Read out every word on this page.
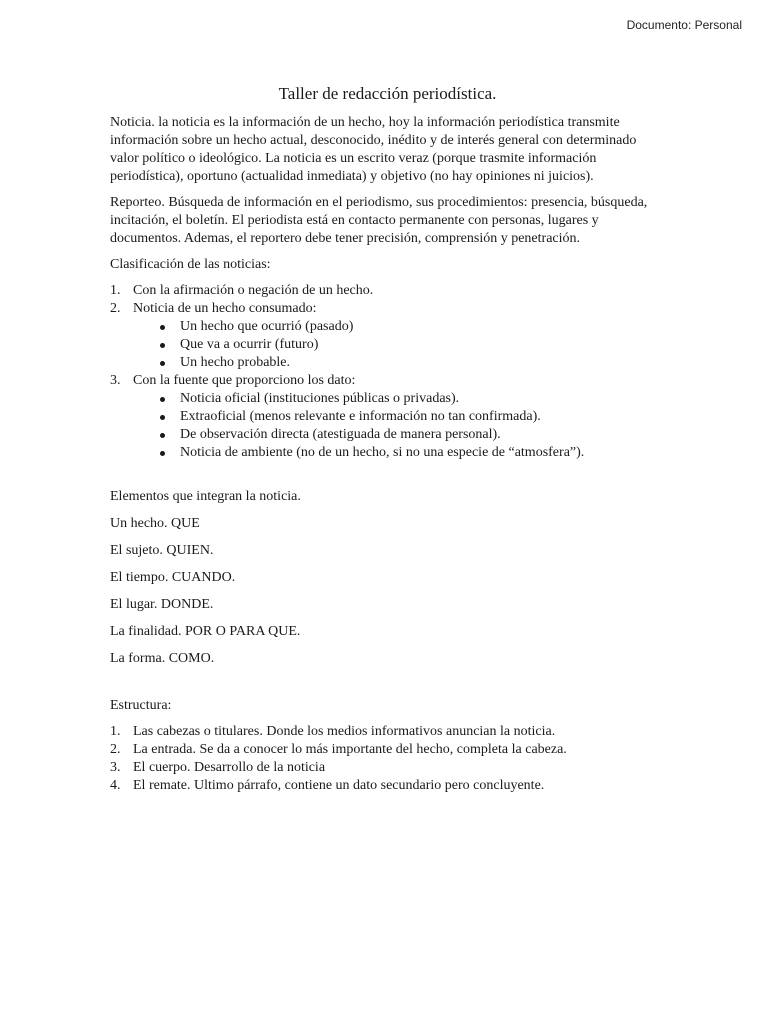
Documento: Personal
Taller de redacción periodística.

Noticia. la noticia es la información de un hecho, hoy la información periodística transmite información sobre un hecho actual, desconocido, inédito y de interés general con determinado valor político o ideológico. La noticia es un escrito veraz (porque trasmite información periodística), oportuno (actualidad inmediata) y objetivo (no hay opiniones ni juicios).

Reporteo. Búsqueda de información en el periodismo, sus procedimientos: presencia, búsqueda, incitación, el boletín. El periodista está en contacto permanente con personas, lugares y documentos. Ademas, el reportero debe tener precisión, comprensión y penetración.

Clasificación de las noticias:

1. Con la afirmación o negación de un hecho.
2. Noticia de un hecho consumado:
Un hecho que ocurrió (pasado)
Que va a ocurrir (futuro)
Un hecho probable.
3. Con la fuente que proporciono los dato:
Noticia oficial (instituciones públicas o privadas).
Extraoficial (menos relevante e información no tan confirmada).
De observación directa (atestiguada de manera personal).
Noticia de ambiente (no de un hecho, si no una especie de “atmosfera”).

Elementos que integran la noticia.

Un hecho. QUE

El sujeto. QUIEN.

El tiempo. CUANDO.

El lugar. DONDE.

La finalidad. POR O PARA QUE.

La forma. COMO.

Estructura:

1. Las cabezas o titulares. Donde los medios informativos anuncian la noticia.
2. La entrada. Se da a conocer lo más importante del hecho, completa la cabeza.
3. El cuerpo. Desarrollo de la noticia
4. El remate. Ultimo párrafo, contiene un dato secundario pero concluyente.
